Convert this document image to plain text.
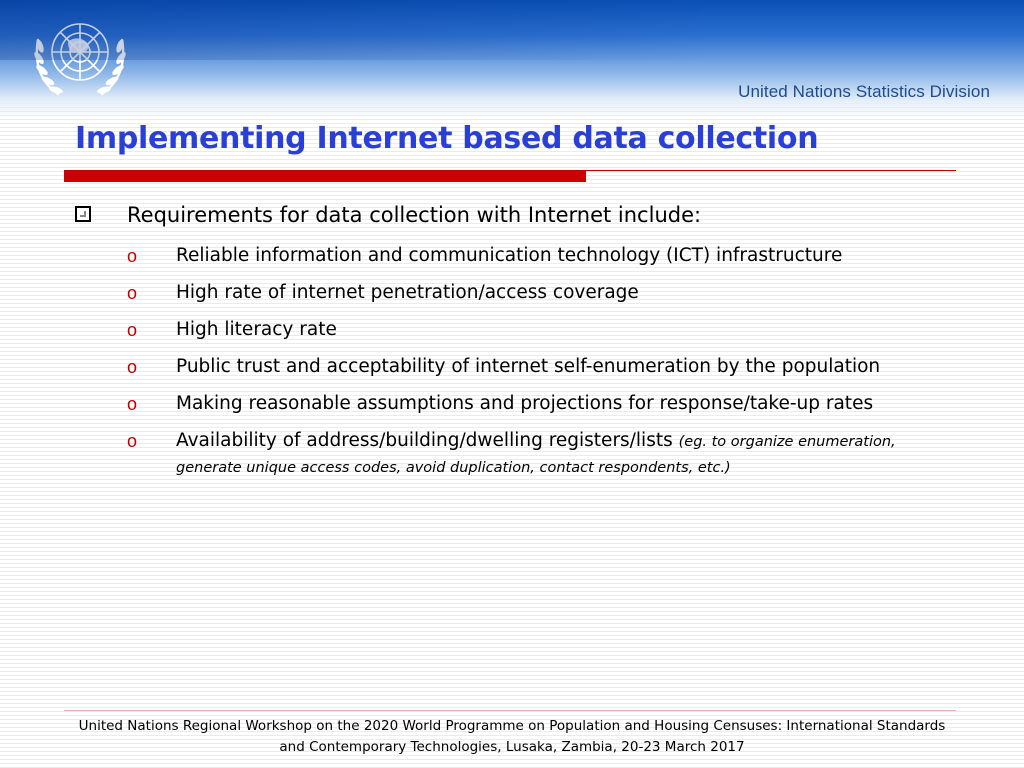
United Nations Statistics Division
Implementing Internet based data collection
Requirements for data collection with Internet include:
o Reliable information and communication technology (ICT) infrastructure
o High rate of internet penetration/access coverage
o High literacy rate
o Public trust and acceptability of internet self-enumeration by the population
o Making reasonable assumptions and projections for response/take-up rates
o Availability of address/building/dwelling registers/lists (eg. to organize enumeration,
generate unique access codes, avoid duplication, contact respondents, etc.)
United Nations Regional Workshop on the 2020 World Programme on Population and Housing Censuses: International Standards
and Contemporary Technologies, Lusaka, Zambia, 20-23 March 2017
